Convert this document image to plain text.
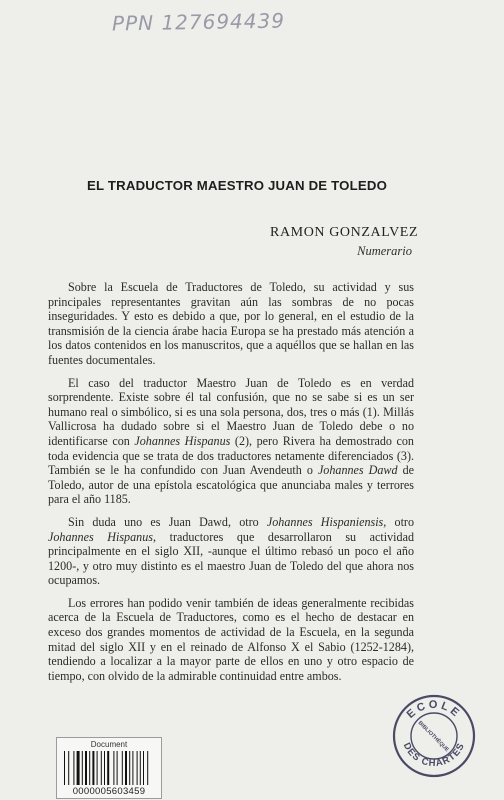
PPN 127694439
EL TRADUCTOR MAESTRO JUAN DE TOLEDO
RAMON GONZALVEZ
Numerario

Sobre la Escuela de Traductores de Toledo, su actividad y sus principales representantes gravitan aún las sombras de no pocas inseguridades. Y esto es debido a que, por lo general, en el estudio de la transmisión de la ciencia árabe hacia Europa se ha prestado más atención a los datos contenidos en los manuscritos, que a aquéllos que se hallan en las fuentes documentales.

El caso del traductor Maestro Juan de Toledo es en verdad sorprendente. Existe sobre él tal confusión, que no se sabe si es un ser humano real o simbólico, si es una sola persona, dos, tres o más (1). Millás Vallicrosa ha dudado sobre si el Maestro Juan de Toledo debe o no identificarse con Johannes Hispanus (2), pero Rivera ha demostrado con toda evidencia que se trata de dos traductores netamente diferenciados (3). También se le ha confundido con Juan Avendeuth o Johannes Dawd de Toledo, autor de una epístola escatológica que anunciaba males y terrores para el año 1185.

Sin duda uno es Juan Dawd, otro Johannes Hispaniensis, otro Johannes Hispanus, traductores que desarrollaron su actividad principalmente en el siglo XII, -aunque el último rebasó un poco el año 1200-, y otro muy distinto es el maestro Juan de Toledo del que ahora nos ocupamos.

Los errores han podido venir también de ideas generalmente recibidas acerca de la Escuela de Traductores, como es el hecho de destacar en exceso dos grandes momentos de actividad de la Escuela, en la segunda mitad del siglo XII y en el reinado de Alfonso X el Sabio (1252-1284), tendiendo a localizar a la mayor parte de ellos en uno y otro espacio de tiempo, con olvido de la admirable continuidad entre ambos.

ECOLE
DES CHARTES
BIBLIOTHÈQUE
Document
0000005603459
